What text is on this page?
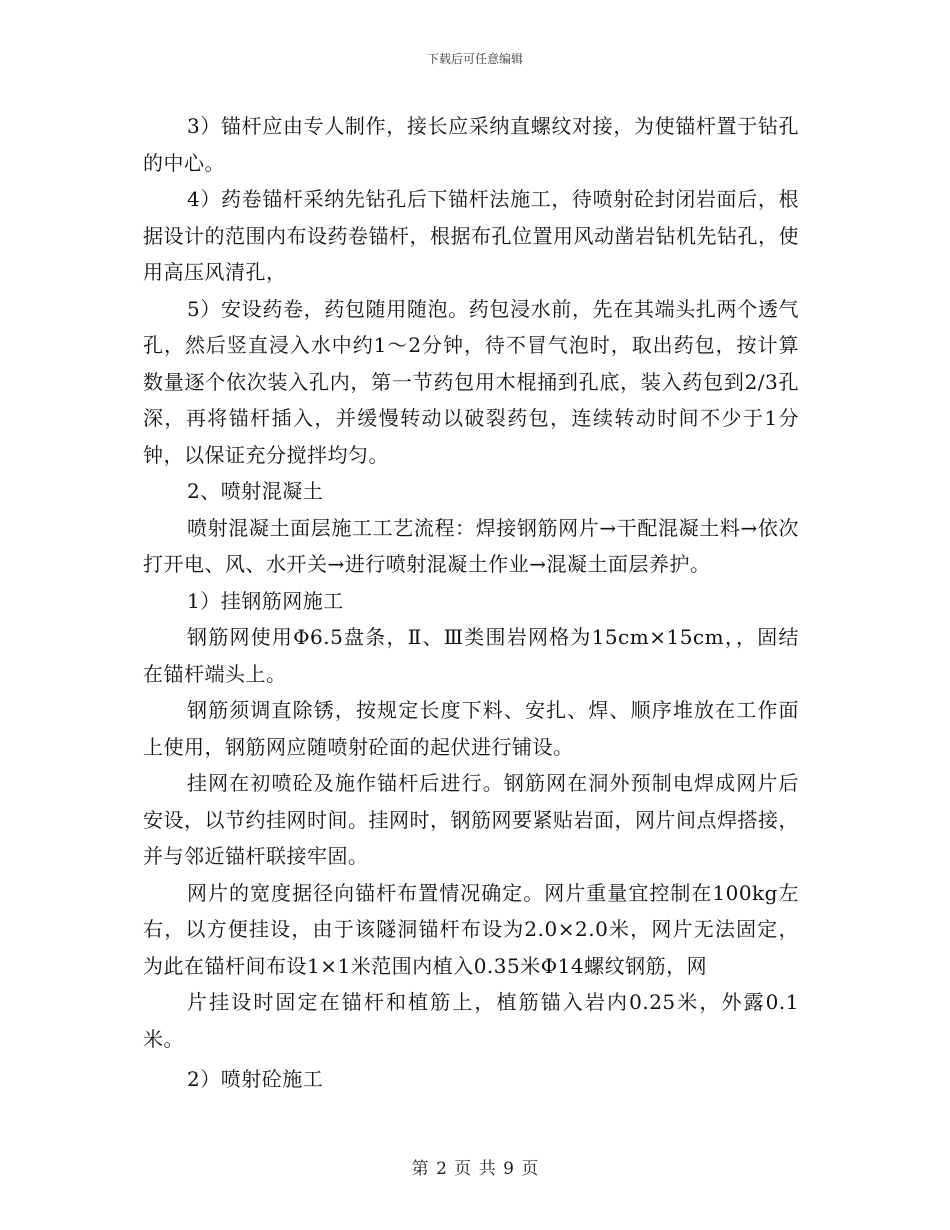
下载后可任意编辑

3）锚杆应由专人制作，接长应采纳直螺纹对接，为使锚杆置于钻孔的中心。

4）药卷锚杆采纳先钻孔后下锚杆法施工，待喷射砼封闭岩面后，根据设计的范围内布设药卷锚杆，根据布孔位置用风动凿岩钻机先钻孔，使用高压风清孔，

5）安设药卷，药包随用随泡。药包浸水前，先在其端头扎两个透气孔，然后竖直浸入水中约1～2分钟，待不冒气泡时，取出药包，按计算数量逐个依次装入孔内，第一节药包用木棍捅到孔底，装入药包到2/3孔深，再将锚杆插入，并缓慢转动以破裂药包，连续转动时间不少于1分钟，以保证充分搅拌均匀。

2、喷射混凝土

喷射混凝土面层施工工艺流程：焊接钢筋网片→干配混凝土料→依次打开电、风、水开关→进行喷射混凝土作业→混凝土面层养护。

1）挂钢筋网施工

钢筋网使用Φ6.5盘条，Ⅱ、Ⅲ类围岩网格为15cm×15cm，，固结在锚杆端头上。

钢筋须调直除锈，按规定长度下料、安扎、焊、顺序堆放在工作面上使用，钢筋网应随喷射砼面的起伏进行铺设。

挂网在初喷砼及施作锚杆后进行。钢筋网在洞外预制电焊成网片后安设，以节约挂网时间。挂网时，钢筋网要紧贴岩面，网片间点焊搭接，并与邻近锚杆联接牢固。

网片的宽度据径向锚杆布置情况确定。网片重量宜控制在100kg左右，以方便挂设，由于该隧洞锚杆布设为2.0×2.0米，网片无法固定，为此在锚杆间布设1×1米范围内植入0.35米Φ14螺纹钢筋，网

片挂设时固定在锚杆和植筋上，植筋锚入岩内0.25米，外露0.1米。

2）喷射砼施工

第 2 页 共 9 页
